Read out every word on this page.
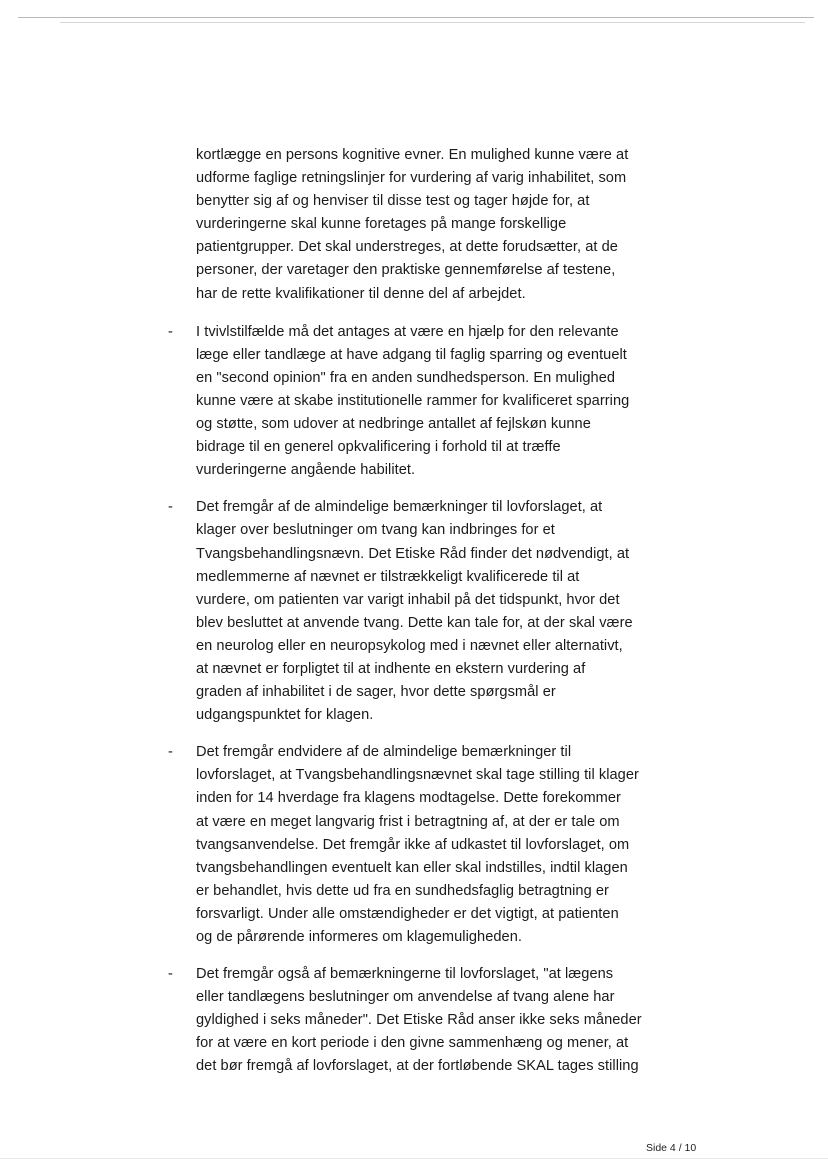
kortlægge en persons kognitive evner. En mulighed kunne være at
udforme faglige retningslinjer for vurdering af varig inhabilitet, som
benytter sig af og henviser til disse test og tager højde for, at
vurderingerne skal kunne foretages på mange forskellige
patientgrupper. Det skal understreges, at dette forudsætter, at de
personer, der varetager den praktiske gennemførelse af testene,
har de rette kvalifikationer til denne del af arbejdet.
- I tvivlstilfælde må det antages at være en hjælp for den relevante
læge eller tandlæge at have adgang til faglig sparring og eventuelt
en "second opinion" fra en anden sundhedsperson. En mulighed
kunne være at skabe institutionelle rammer for kvalificeret sparring
og støtte, som udover at nedbringe antallet af fejlskøn kunne
bidrage til en generel opkvalificering i forhold til at træffe
vurderingerne angående habilitet.
- Det fremgår af de almindelige bemærkninger til lovforslaget, at
klager over beslutninger om tvang kan indbringes for et
Tvangsbehandlingsnævn. Det Etiske Råd finder det nødvendigt, at
medlemmerne af nævnet er tilstrækkeligt kvalificerede til at
vurdere, om patienten var varigt inhabil på det tidspunkt, hvor det
blev besluttet at anvende tvang. Dette kan tale for, at der skal være
en neurolog eller en neuropsykolog med i nævnet eller alternativt,
at nævnet er forpligtet til at indhente en ekstern vurdering af
graden af inhabilitet i de sager, hvor dette spørgsmål er
udgangspunktet for klagen.
- Det fremgår endvidere af de almindelige bemærkninger til
lovforslaget, at Tvangsbehandlingsnævnet skal tage stilling til klager
inden for 14 hverdage fra klagens modtagelse. Dette forekommer
at være en meget langvarig frist i betragtning af, at der er tale om
tvangsanvendelse. Det fremgår ikke af udkastet til lovforslaget, om
tvangsbehandlingen eventuelt kan eller skal indstilles, indtil klagen
er behandlet, hvis dette ud fra en sundhedsfaglig betragtning er
forsvarligt. Under alle omstændigheder er det vigtigt, at patienten
og de pårørende informeres om klagemuligheden.
- Det fremgår også af bemærkningerne til lovforslaget, "at lægens
eller tandlægens beslutninger om anvendelse af tvang alene har
gyldighed i seks måneder". Det Etiske Råd anser ikke seks måneder
for at være en kort periode i den givne sammenhæng og mener, at
det bør fremgå af lovforslaget, at der fortløbende SKAL tages stilling
Side 4 / 10
